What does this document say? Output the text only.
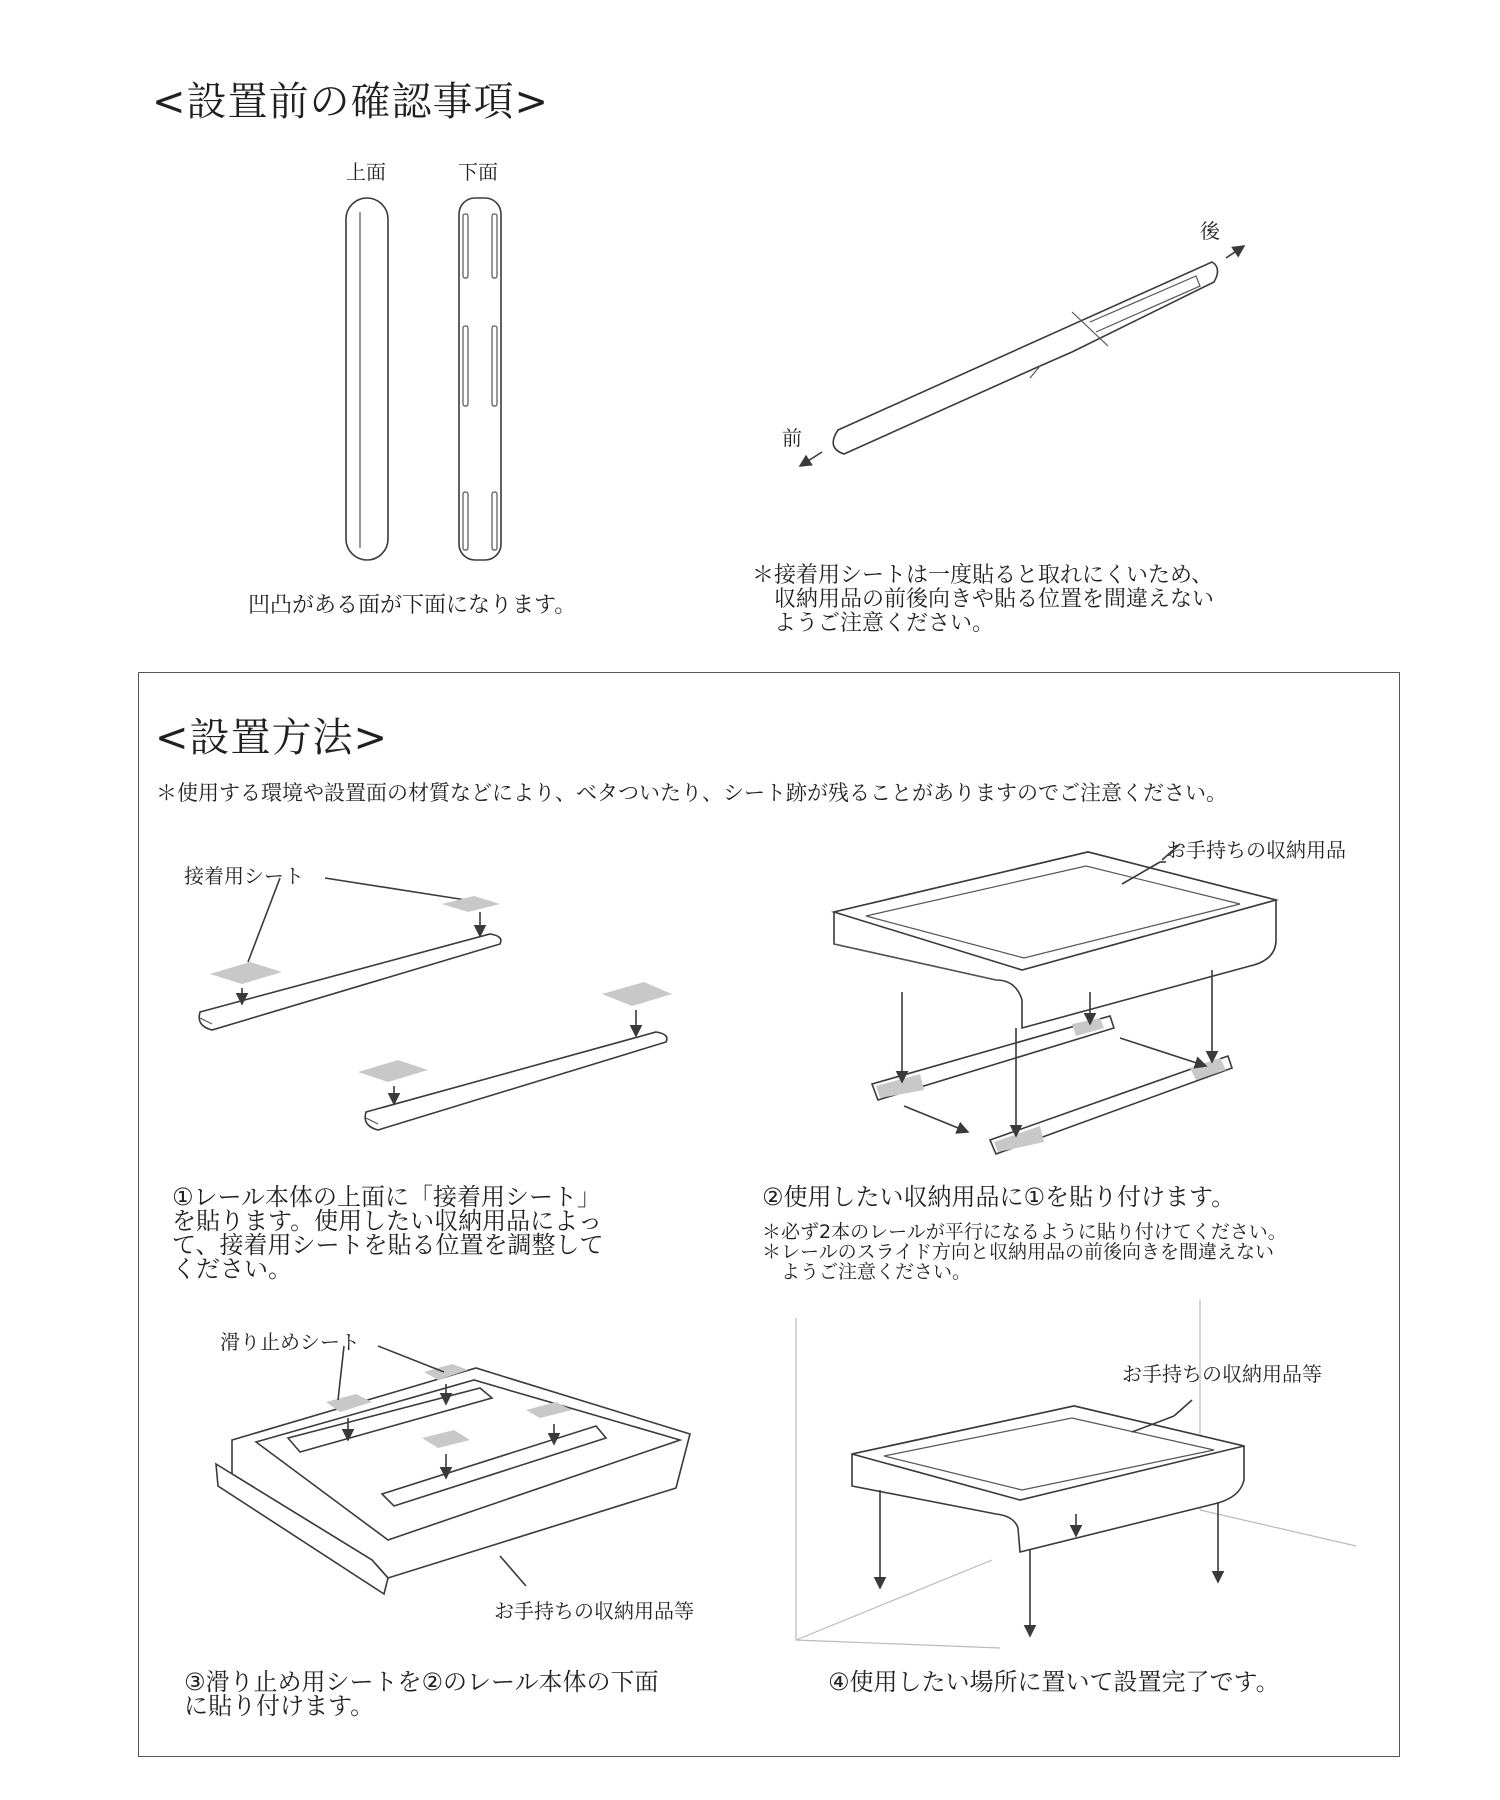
<設置前の確認事項>
上面	下面
凹凸がある面が下面になります。
後
前
＊接着用シートは一度貼ると取れにくいため、
　収納用品の前後向きや貼る位置を間違えない
　ようご注意ください。
<設置方法>
＊使用する環境や設置面の材質などにより、ベタついたり、シート跡が残ることがありますのでご注意ください。
接着用シート
①レール本体の上面に「接着用シート」
を貼ります。使用したい収納用品によっ
て、接着用シートを貼る位置を調整して
ください。
お手持ちの収納用品
②使用したい収納用品に①を貼り付けます。
＊必ず2本のレールが平行になるように貼り付けてください。
＊レールのスライド方向と収納用品の前後向きを間違えない
　ようご注意ください。
滑り止めシート
お手持ちの収納用品等
③滑り止め用シートを②のレール本体の下面
に貼り付けます。
お手持ちの収納用品等
④使用したい場所に置いて設置完了です。
